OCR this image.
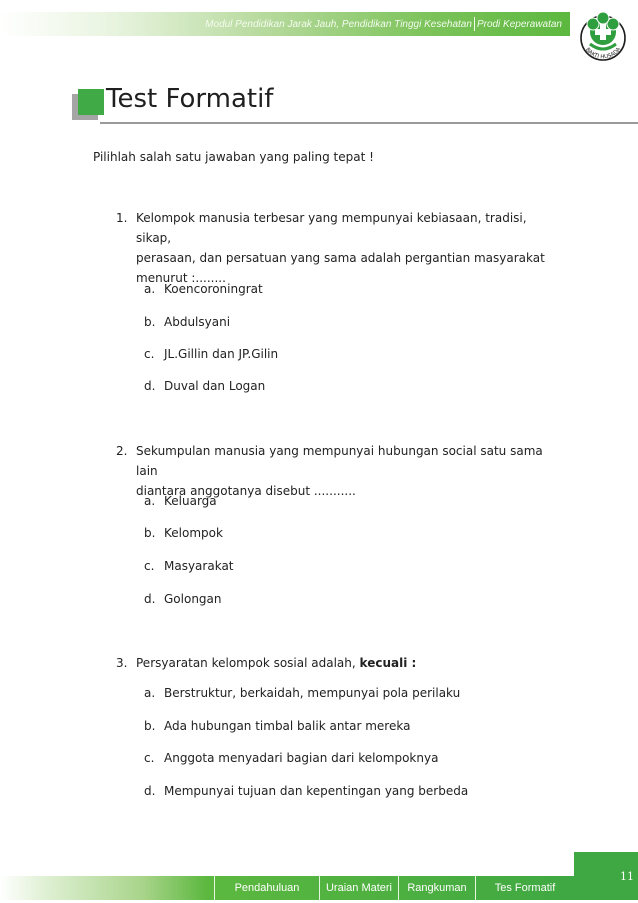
Modul Pendidikan Jarak Jauh, Pendidikan Tinggi Kesehatan Prodi Keperawatan
BAKTI HUSADA
Test Formatif
Pilihlah salah satu jawaban yang paling tepat !
1. Kelompok manusia terbesar yang mempunyai kebiasaan, tradisi, sikap,
perasaan, dan persatuan yang sama adalah pergantian masyarakat
menurut :........
a. Koencoroningrat
b. Abdulsyani
c. JL.Gillin dan JP.Gilin
d. Duval dan Logan
2. Sekumpulan manusia yang mempunyai hubungan social satu sama lain
diantara anggotanya disebut ...........
a. Keluarga
b. Kelompok
c. Masyarakat
d. Golongan
3. Persyaratan kelompok sosial adalah, kecuali :
a. Berstruktur, berkaidah, mempunyai pola perilaku
b. Ada hubungan timbal balik antar mereka
c. Anggota menyadari bagian dari kelompoknya
d. Mempunyai tujuan dan kepentingan yang berbeda
Pendahuluan Uraian Materi Rangkuman	Tes Formatif
11
